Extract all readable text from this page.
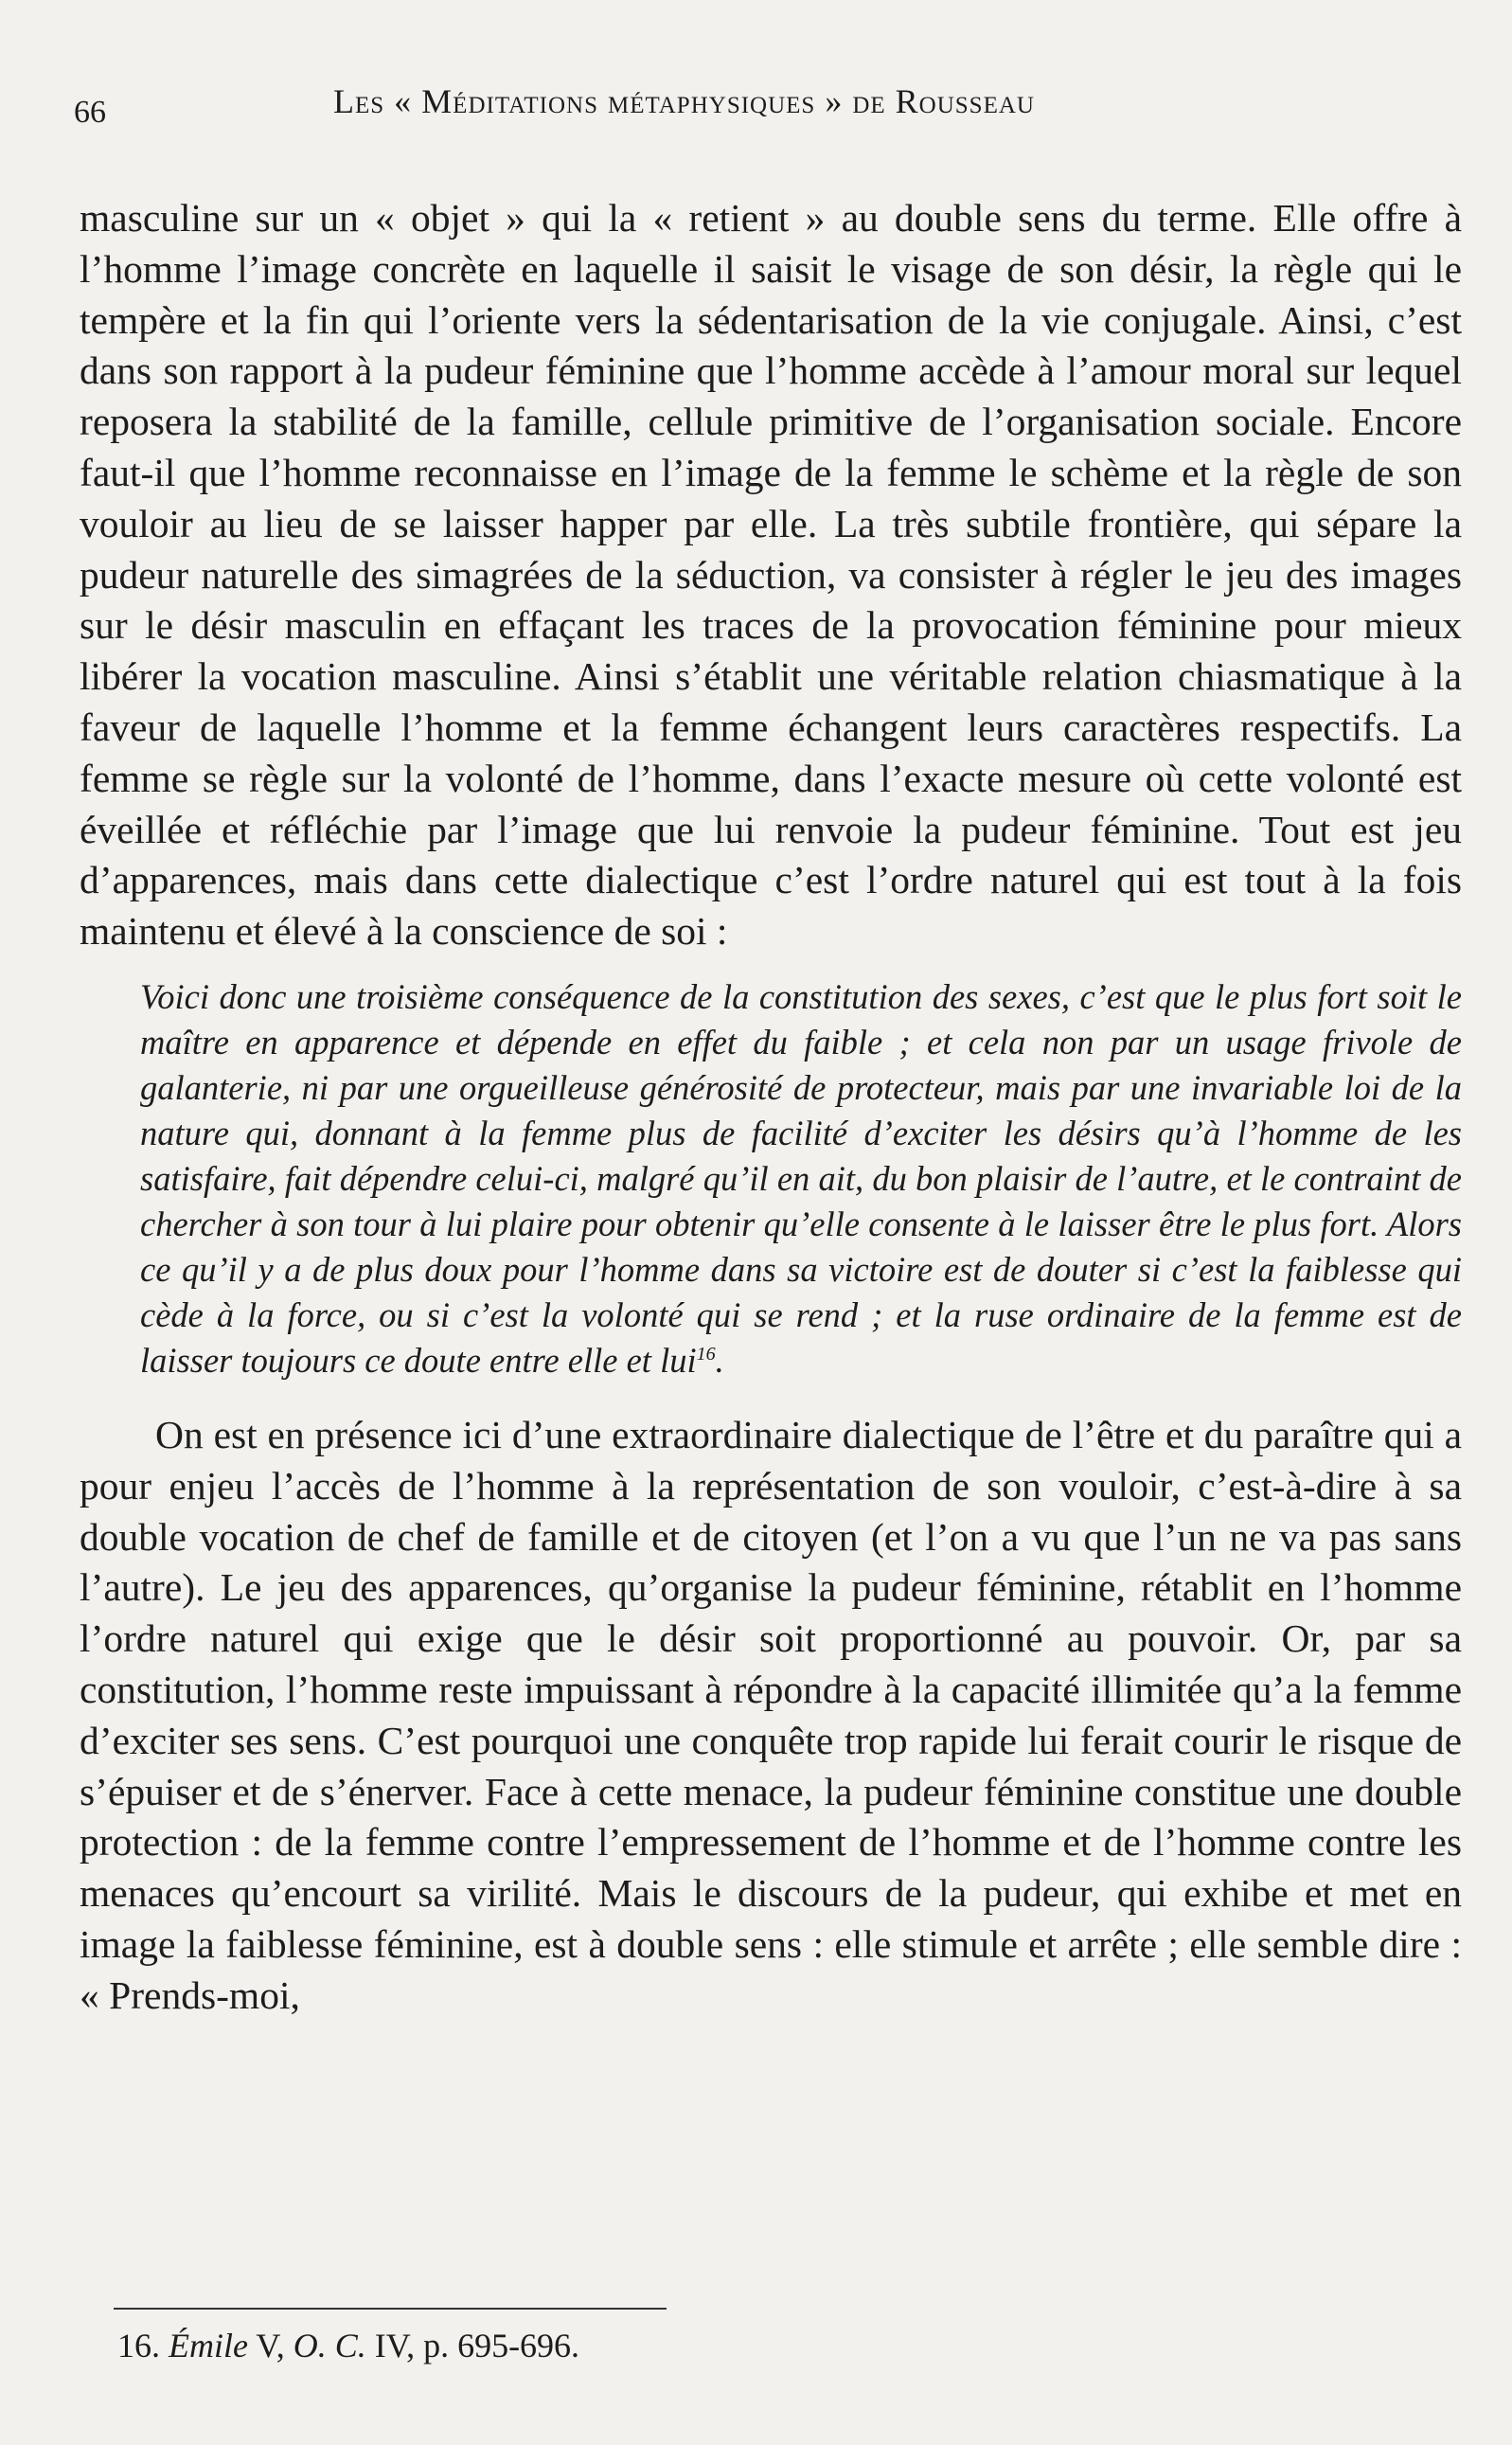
66	Les « Méditations métaphysiques » de Rousseau

masculine sur un « objet » qui la « retient » au double sens du terme. Elle offre à l’homme l’image concrète en laquelle il saisit le visage de son désir, la règle qui le tempère et la fin qui l’oriente vers la sédentarisation de la vie conjugale. Ainsi, c’est dans son rapport à la pudeur féminine que l’homme accède à l’amour moral sur lequel reposera la stabilité de la famille, cellule primitive de l’organisation sociale. Encore faut-il que l’homme reconnaisse en l’image de la femme le schème et la règle de son vouloir au lieu de se laisser happer par elle. La très subtile frontière, qui sépare la pudeur naturelle des simagrées de la séduction, va consister à régler le jeu des images sur le désir masculin en effaçant les traces de la provocation féminine pour mieux libérer la vocation masculine. Ainsi s’établit une véritable relation chiasmatique à la faveur de laquelle l’homme et la femme échangent leurs caractères respectifs. La femme se règle sur la volonté de l’homme, dans l’exacte mesure où cette volonté est éveillée et réfléchie par l’image que lui renvoie la pudeur féminine. Tout est jeu d’apparences, mais dans cette dialectique c’est l’ordre naturel qui est tout à la fois maintenu et élevé à la conscience de soi :

Voici donc une troisième conséquence de la constitution des sexes, c’est que le plus fort soit le maître en apparence et dépende en effet du faible ; et cela non par un usage frivole de galanterie, ni par une orgueilleuse générosité de protecteur, mais par une invariable loi de la nature qui, donnant à la femme plus de facilité d’exciter les désirs qu’à l’homme de les satisfaire, fait dépendre celui-ci, malgré qu’il en ait, du bon plaisir de l’autre, et le contraint de chercher à son tour à lui plaire pour obtenir qu’elle consente à le laisser être le plus fort. Alors ce qu’il y a de plus doux pour l’homme dans sa victoire est de douter si c’est la faiblesse qui cède à la force, ou si c’est la volonté qui se rend ; et la ruse ordinaire de la femme est de laisser toujours ce doute entre elle et lui$^{16}$.

On est en présence ici d’une extraordinaire dialectique de l’être et du paraître qui a pour enjeu l’accès de l’homme à la représentation de son vouloir, c’est-à-dire à sa double vocation de chef de famille et de citoyen (et l’on a vu que l’un ne va pas sans l’autre). Le jeu des apparences, qu’organise la pudeur féminine, rétablit en l’homme l’ordre naturel qui exige que le désir soit proportionné au pouvoir. Or, par sa constitution, l’homme reste impuissant à répondre à la capacité illimitée qu’a la femme d’exciter ses sens. C’est pourquoi une conquête trop rapide lui ferait courir le risque de s’épuiser et de s’énerver. Face à cette menace, la pudeur féminine constitue une double protection : de la femme contre l’empressement de l’homme et de l’homme contre les menaces qu’encourt sa virilité. Mais le discours de la pudeur, qui exhibe et met en image la faiblesse féminine, est à double sens : elle stimule et arrête ; elle semble dire : « Prends-moi,

16. Émile V, O. C. IV, p. 695-696.
